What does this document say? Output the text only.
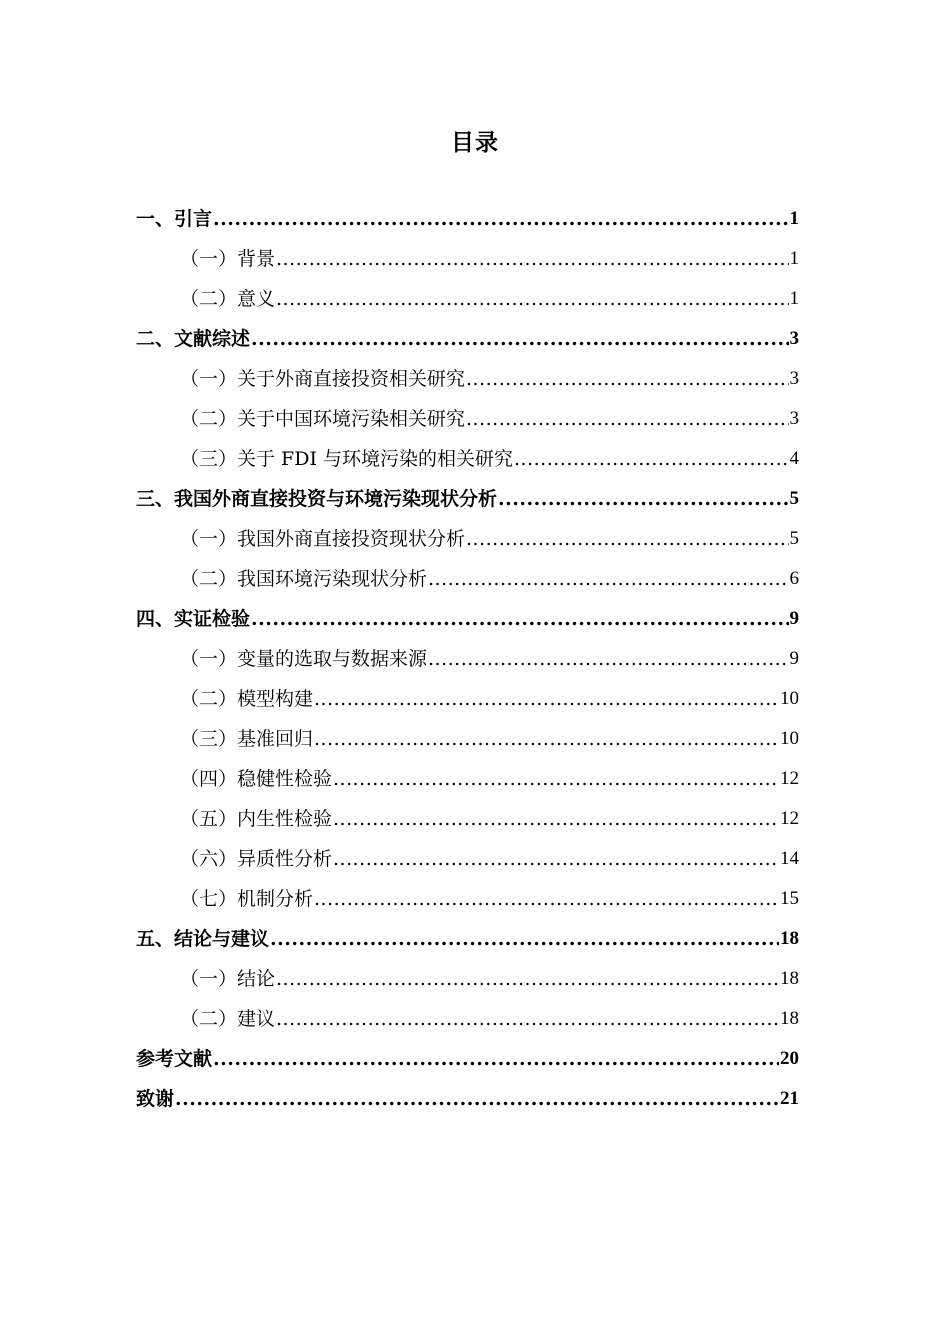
目录
一、引言 .....	1
（一）背景 .....	1
（二）意义 .....	1
二、文献综述 .....	3
（一）关于外商直接投资相关研究 .....	3
（二）关于中国环境污染相关研究 .....	3
（三）关于 FDI 与环境污染的相关研究 .....	4
三、我国外商直接投资与环境污染现状分析 .....	5
（一）我国外商直接投资现状分析 .....	5
（二）我国环境污染现状分析 .....	6
四、实证检验 .....	9
（一）变量的选取与数据来源 .....	9
（二）模型构建 .....	10
（三）基准回归 .....	10
（四）稳健性检验 .....	12
（五）内生性检验 .....	12
（六）异质性分析 .....	14
（七）机制分析 .....	15
五、结论与建议 .....	18
（一）结论 .....	18
（二）建议 .....	18
参考文献 .....	20
致谢 .....	21
